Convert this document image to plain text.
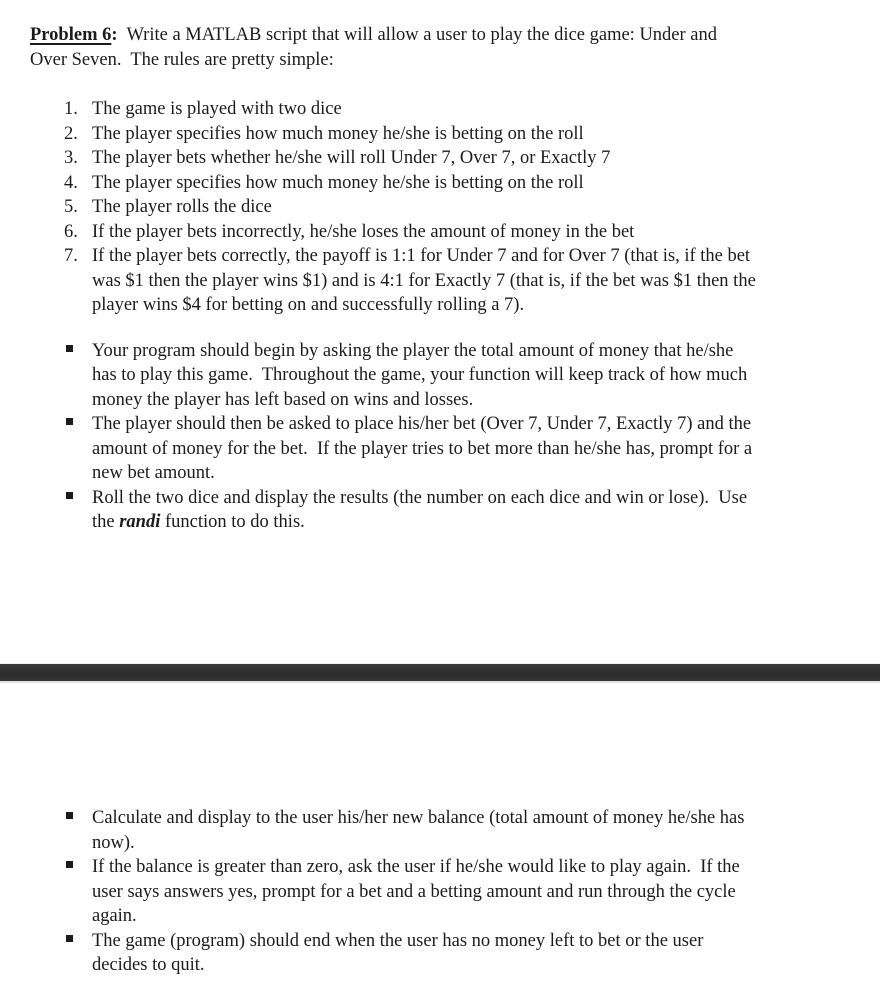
Problem 6:  Write a MATLAB script that will allow a user to play the dice game: Under and
Over Seven.  The rules are pretty simple:
1. The game is played with two dice
2. The player specifies how much money he/she is betting on the roll
3. The player bets whether he/she will roll Under 7, Over 7, or Exactly 7
4. The player specifies how much money he/she is betting on the roll
5. The player rolls the dice
6. If the player bets incorrectly, he/she loses the amount of money in the bet
7. If the player bets correctly, the payoff is 1:1 for Under 7 and for Over 7 (that is, if the bet
was $1 then the player wins $1) and is 4:1 for Exactly 7 (that is, if the bet was $1 then the
player wins $4 for betting on and successfully rolling a 7).
Your program should begin by asking the player the total amount of money that he/she
has to play this game.  Throughout the game, your function will keep track of how much
money the player has left based on wins and losses.
The player should then be asked to place his/her bet (Over 7, Under 7, Exactly 7) and the
amount of money for the bet.  If the player tries to bet more than he/she has, prompt for a
new bet amount.
Roll the two dice and display the results (the number on each dice and win or lose).  Use
the randi function to do this.
Calculate and display to the user his/her new balance (total amount of money he/she has
now).
If the balance is greater than zero, ask the user if he/she would like to play again.  If the
user says answers yes, prompt for a bet and a betting amount and run through the cycle
again.
The game (program) should end when the user has no money left to bet or the user
decides to quit.
